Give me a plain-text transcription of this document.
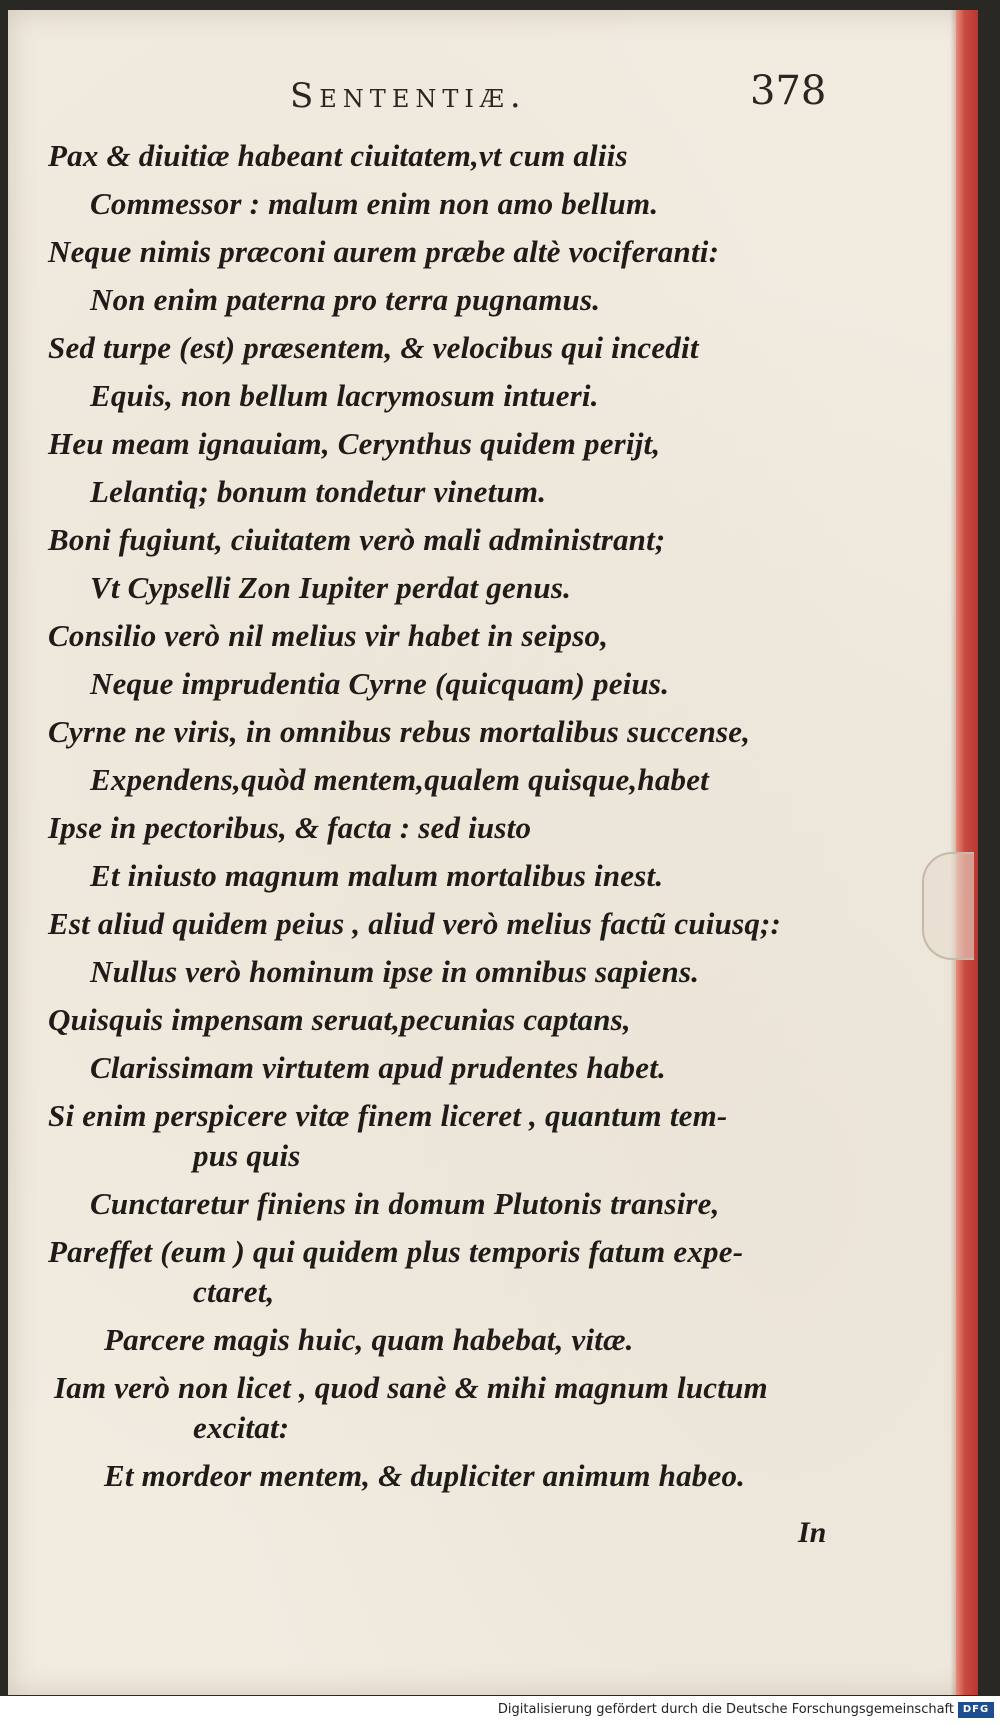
Sententiæ.	378
Pax & diuitiæ habeant ciuitatem,vt cum aliis
Commessor : malum enim non amo bellum.
Neque nimis præconi aurem præbe altè vociferanti:
Non enim paterna pro terra pugnamus.
Sed turpe (est) præsentem, & velocibus qui incedit
Equis, non bellum lacrymosum intueri.
Heu meam ignauiam, Cerynthus quidem perijt,
Lelantiq; bonum tondetur vinetum.
Boni fugiunt, ciuitatem verò mali administrant;
Vt Cypselli Zon Iupiter perdat genus.
Consilio verò nil melius vir habet in seipso,
Neque imprudentia Cyrne (quicquam) peius.
Cyrne ne viris, in omnibus rebus mortalibus succense,
Expendens,quòd mentem,qualem quisque,habet
Ipse in pectoribus, & facta : sed iusto
Et iniusto magnum malum mortalibus inest.
Est aliud quidem peius , aliud verò melius factũ cuiusq;:
Nullus verò hominum ipse in omnibus sapiens.
Quisquis impensam seruat,pecunias captans,
Clarissimam virtutem apud prudentes habet.
Si enim perspicere vitæ finem liceret , quantum tem-
pus quis
Cunctaretur finiens in domum Plutonis transire,
Pareffet (eum ) qui quidem plus temporis fatum expe-
ctaret,
Parcere magis huic, quam habebat, vitæ.
Iam verò non licet , quod sanè & mihi magnum luctum
excitat:
Et mordeor mentem, & dupliciter animum habeo.
In
Digitalisierung gefördert durch die Deutsche Forschungsgemeinschaft DFG
